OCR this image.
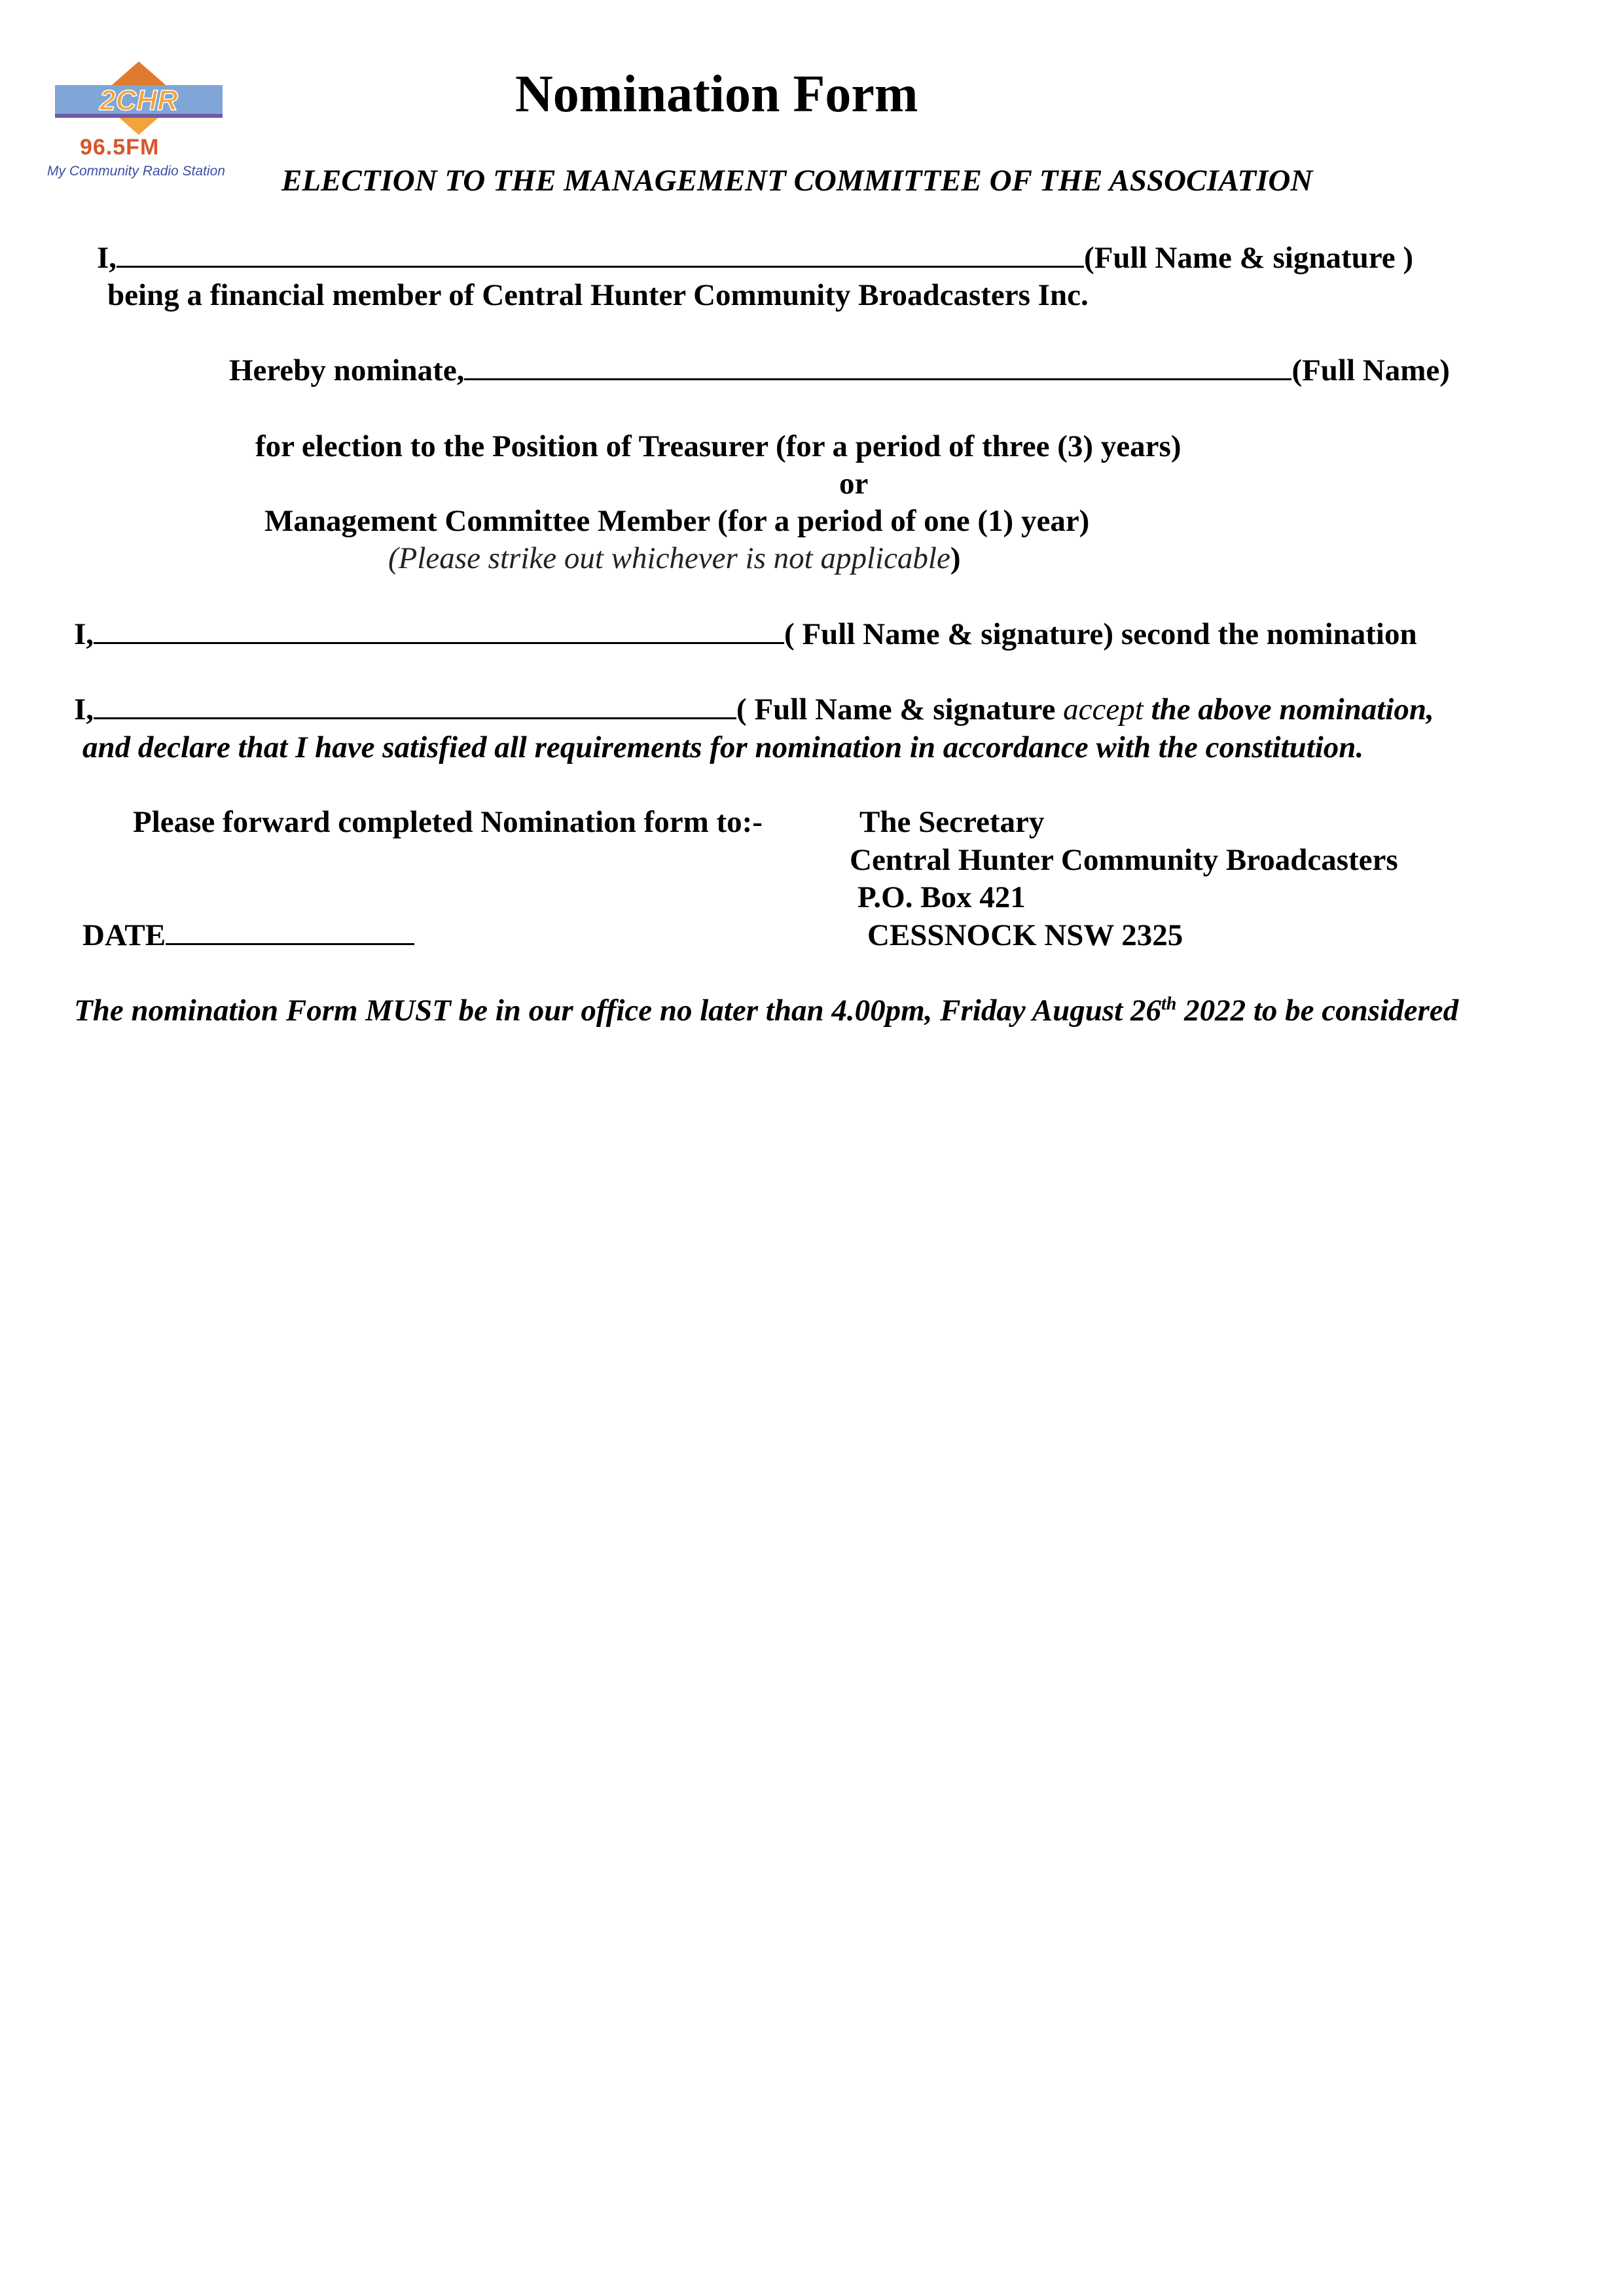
2CHR
96.5FM
My Community Radio Station
Nomination Form
ELECTION TO THE MANAGEMENT COMMITTEE OF THE ASSOCIATION
I,	(Full Name & signature )
being a financial member of Central Hunter Community Broadcasters Inc.
Hereby nominate,	(Full Name)
for election to the Position of Treasurer (for a period of three (3) years)
or
Management Committee Member (for a period of one (1) year)
(Please strike out whichever is not applicable)
I,	( Full Name & signature) second the nomination
I,	( Full Name & signature accept the above nomination,
and declare that I have satisfied all requirements for nomination in accordance with the constitution.
Please forward completed Nomination form to:-	The Secretary
Central Hunter Community Broadcasters
P.O. Box 421
CESSNOCK NSW 2325
DATE
The nomination Form MUST be in our office no later than 4.00pm, Friday August 26th 2022 to be considered
